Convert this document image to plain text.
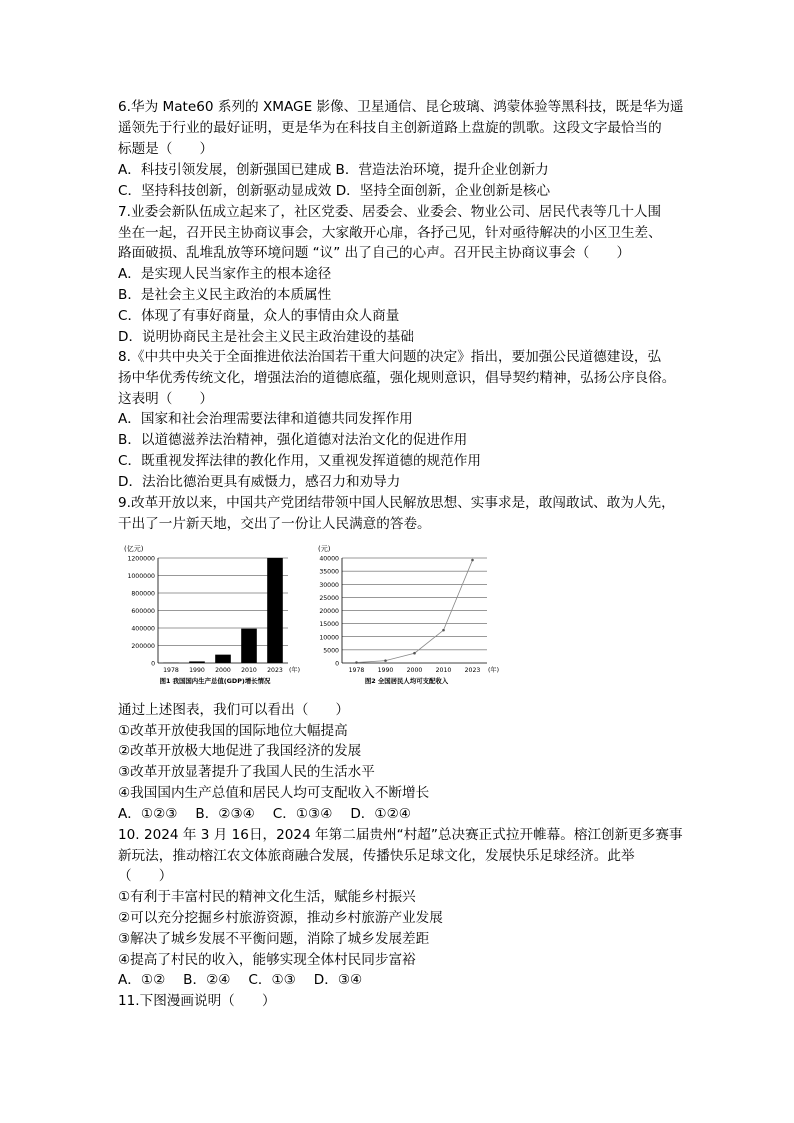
6.华为 Mate60 系列的 XMAGE 影像、卫星通信、昆仑玻璃、鸿蒙体验等黑科技，既是华为遥
遥领先于行业的最好证明，更是华为在科技自主创新道路上盘旋的凯歌。这段文字最恰当的
标题是（　　）
A．科技引领发展，创新强国已建成 B．营造法治环境，提升企业创新力
C．坚持科技创新，创新驱动显成效 D．坚持全面创新，企业创新是核心
7.业委会新队伍成立起来了，社区党委、居委会、业委会、物业公司、居民代表等几十人围
坐在一起，召开民主协商议事会，大家敞开心扉，各抒己见，针对亟待解决的小区卫生差、
路面破损、乱堆乱放等环境问题 “议” 出了自己的心声。召开民主协商议事会（　　）
A．是实现人民当家作主的根本途径
B．是社会主义民主政治的本质属性
C．体现了有事好商量，众人的事情由众人商量
D．说明协商民主是社会主义民主政治建设的基础
8.《中共中央关于全面推进依法治国若干重大问题的决定》指出，要加强公民道德建设，弘
扬中华优秀传统文化，增强法治的道德底蕴，强化规则意识，倡导契约精神，弘扬公序良俗。
这表明（　　）
A．国家和社会治理需要法律和道德共同发挥作用
B．以道德滋养法治精神，强化道德对法治文化的促进作用
C．既重视发挥法律的教化作用，又重视发挥道德的规范作用
D．法治比德治更具有威慑力，感召力和劝导力
9.改革开放以来，中国共产党团结带领中国人民解放思想、实事求是，敢闯敢试、敢为人先，
干出了一片新天地，交出了一份让人民满意的答卷。
(亿元)
0
200000
400000
600000
800000
1000000
1200000
1978 1990 2000 2010 2023 (年)
图1 我国国内生产总值(GDP)增长情况
(元)
0
5000
10000
15000
20000
25000
30000
35000
40000
1978 1990 2000 2010 2023 (年)
图2 全国居民人均可支配收入
通过上述图表，我们可以看出（　　）
①改革开放使我国的国际地位大幅提高
②改革开放极大地促进了我国经济的发展
③改革开放显著提升了我国人民的生活水平
④我国国内生产总值和居民人均可支配收入不断增长
A．①②③　 B．②③④　 C．①③④　 D．①②④
10. 2024 年 3 月 16日，2024 年第二届贵州“村超”总决赛正式拉开帷幕。榕江创新更多赛事
新玩法，推动榕江农文体旅商融合发展，传播快乐足球文化，发展快乐足球经济。此举
（　　）
①有利于丰富村民的精神文化生活，赋能乡村振兴
②可以充分挖掘乡村旅游资源，推动乡村旅游产业发展
③解决了城乡发展不平衡问题，消除了城乡发展差距
④提高了村民的收入，能够实现全体村民同步富裕
A．①②　 B．②④　 C．①③　 D．③④
11.下图漫画说明（　　）
